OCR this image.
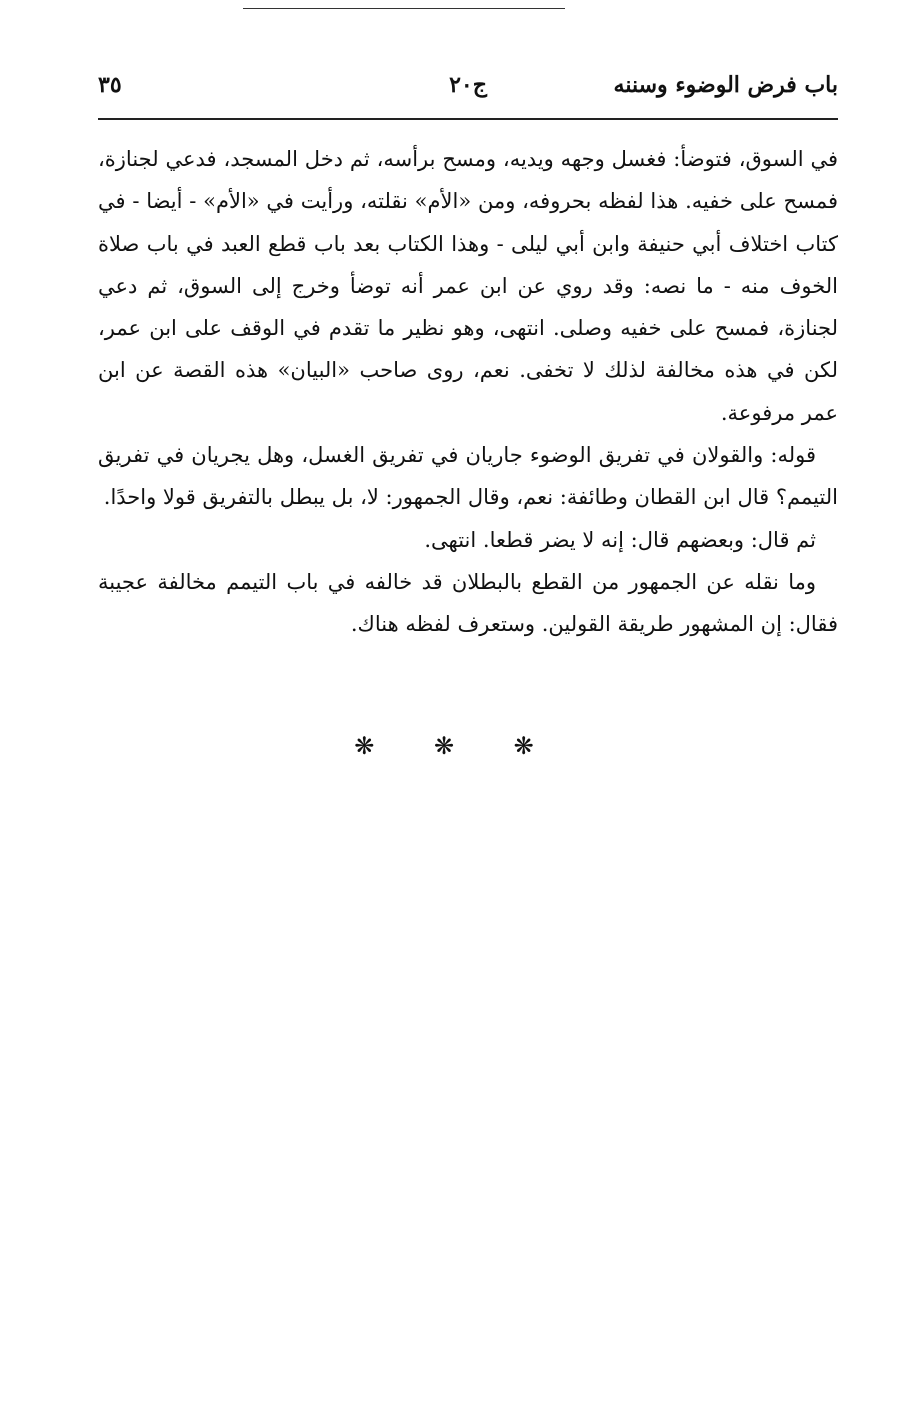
باب فرض الوضوء وسننه
ج٢٠
٣٥

في السوق، فتوضأ: فغسل وجهه ويديه، ومسح برأسه، ثم دخل المسجد، فدعي لجنازة، فمسح على خفيه. هذا لفظه بحروفه، ومن «الأم» نقلته، ورأيت في «الأم» - أيضا - في كتاب اختلاف أبي حنيفة وابن أبي ليلى - وهذا الكتاب بعد باب قطع العبد في باب صلاة الخوف منه - ما نصه: وقد روي عن ابن عمر أنه توضأ وخرج إلى السوق، ثم دعي لجنازة، فمسح على خفيه وصلى. انتهى، وهو نظير ما تقدم في الوقف على ابن عمر، لكن في هذه مخالفة لذلك لا تخفى. نعم، روى صاحب «البيان» هذه القصة عن ابن عمر مرفوعة.

قوله: والقولان في تفريق الوضوء جاريان في تفريق الغسل، وهل يجريان في تفريق التيمم؟ قال ابن القطان وطائفة: نعم، وقال الجمهور: لا، بل يبطل بالتفريق قولا واحدًا.

ثم قال: وبعضهم قال: إنه لا يضر قطعا. انتهى.

وما نقله عن الجمهور من القطع بالبطلان قد خالفه في باب التيمم مخالفة عجيبة فقال: إن المشهور طريقة القولين. وستعرف لفظه هناك.

❋ ❋ ❋
